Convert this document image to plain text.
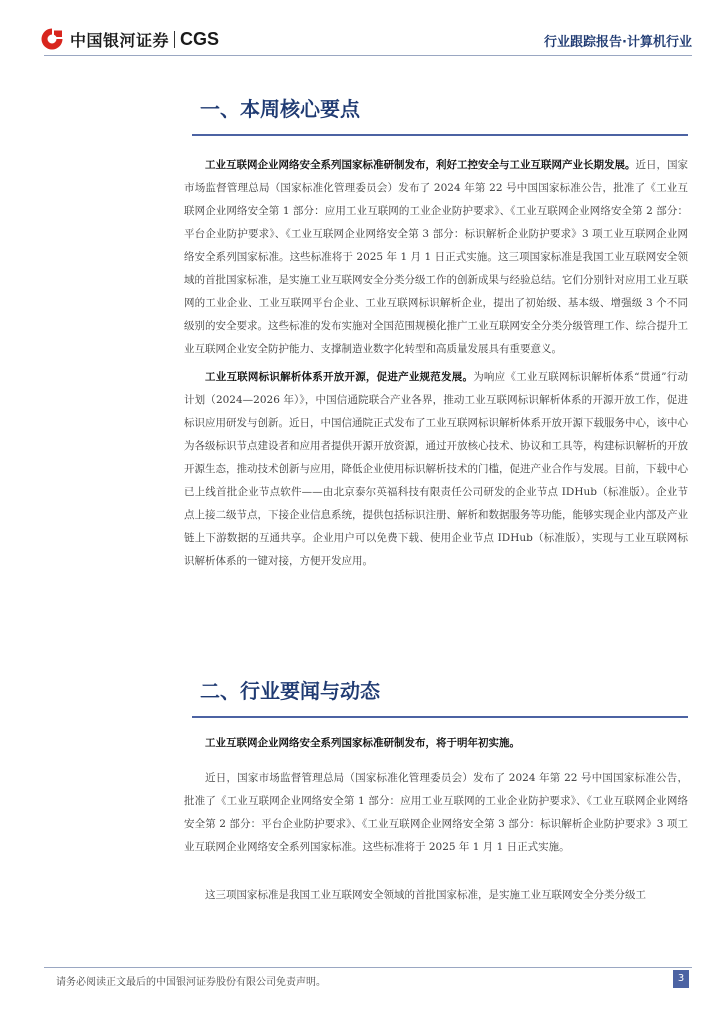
中国银河证券 CGS	行业跟踪报告·计算机行业
一、本周核心要点

工业互联网企业网络安全系列国家标准研制发布，利好工控安全与工业互联网产业长期发展。近日，国家市场监督管理总局（国家标准化管理委员会）发布了 2024 年第 22 号中国国家标准公告，批准了《工业互联网企业网络安全第 1 部分：应用工业互联网的工业企业防护要求》、《工业互联网企业网络安全第 2 部分：平台企业防护要求》、《工业互联网企业网络安全第 3 部分：标识解析企业防护要求》3 项工业互联网企业网络安全系列国家标准。这些标准将于 2025 年 1 月 1 日正式实施。这三项国家标准是我国工业互联网安全领域的首批国家标准，是实施工业互联网安全分类分级工作的创新成果与经验总结。它们分别针对应用工业互联网的工业企业、工业互联网平台企业、工业互联网标识解析企业，提出了初始级、基本级、增强级 3 个不同级别的安全要求。这些标准的发布实施对全国范围规模化推广工业互联网安全分类分级管理工作、综合提升工业互联网企业安全防护能力、支撑制造业数字化转型和高质量发展具有重要意义。

工业互联网标识解析体系开放开源，促进产业规范发展。为响应《工业互联网标识解析体系“贯通”行动计划（2024—2026 年）》，中国信通院联合产业各界，推动工业互联网标识解析体系的开源开放工作，促进标识应用研发与创新。近日，中国信通院正式发布了工业互联网标识解析体系开放开源下载服务中心，该中心为各级标识节点建设者和应用者提供开源开放资源，通过开放核心技术、协议和工具等，构建标识解析的开放开源生态，推动技术创新与应用，降低企业使用标识解析技术的门槛，促进产业合作与发展。目前，下载中心已上线首批企业节点软件——由北京泰尔英福科技有限责任公司研发的企业节点 IDHub（标准版）。企业节点上接二级节点，下接企业信息系统，提供包括标识注册、解析和数据服务等功能，能够实现企业内部及产业链上下游数据的互通共享。企业用户可以免费下载、使用企业节点 IDHub（标准版），实现与工业互联网标识解析体系的一键对接，方便开发应用。

二、行业要闻与动态

工业互联网企业网络安全系列国家标准研制发布，将于明年初实施。

近日，国家市场监督管理总局（国家标准化管理委员会）发布了 2024 年第 22 号中国国家标准公告，批准了《工业互联网企业网络安全第 1 部分：应用工业互联网的工业企业防护要求》、《工业互联网企业网络安全第 2 部分：平台企业防护要求》、《工业互联网企业网络安全第 3 部分：标识解析企业防护要求》3 项工业互联网企业网络安全系列国家标准。这些标准将于 2025 年 1 月 1 日正式实施。

这三项国家标准是我国工业互联网安全领域的首批国家标准，是实施工业互联网安全分类分级工

请务必阅读正文最后的中国银河证券股份有限公司免责声明。	3
